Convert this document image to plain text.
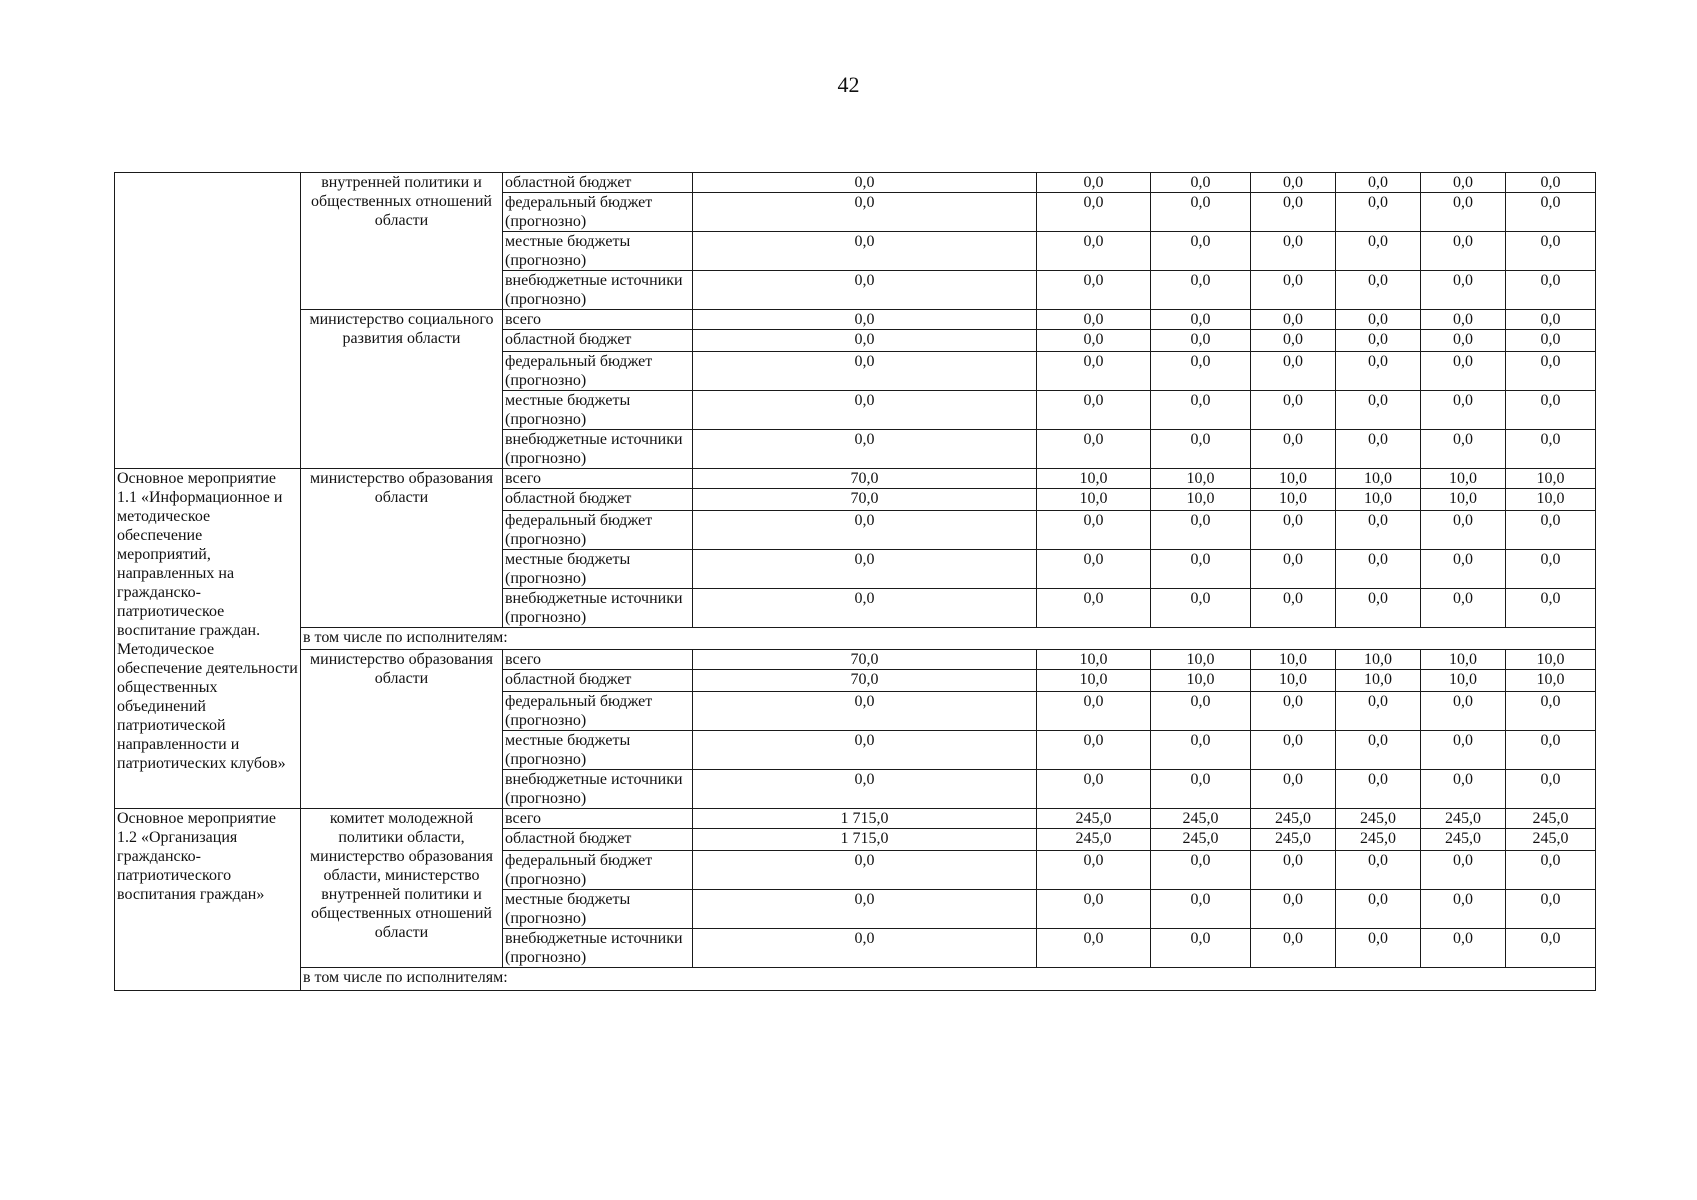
42
	внутренней политики и общественных отношений области	областной бюджет	0,0	0,0	0,0	0,0	0,0	0,0	0,0	
		федеральный бюджет (прогнозно)	0,0	0,0	0,0	0,0	0,0	0,0	0,0	
		местные бюджеты (прогнозно)	0,0	0,0	0,0	0,0	0,0	0,0	0,0	
		внебюджетные источники (прогнозно)	0,0	0,0	0,0	0,0	0,0	0,0	0,0	
	министерство социального развития области	всего	0,0	0,0	0,0	0,0	0,0	0,0	0,0	
		областной бюджет	0,0	0,0	0,0	0,0	0,0	0,0	0,0	
		федеральный бюджет (прогнозно)	0,0	0,0	0,0	0,0	0,0	0,0	0,0	
		местные бюджеты (прогнозно)	0,0	0,0	0,0	0,0	0,0	0,0	0,0	
		внебюджетные источники (прогнозно)	0,0	0,0	0,0	0,0	0,0	0,0	0,0	
Основное мероприятие 1.1 «Информационное и методическое обеспечение мероприятий, направленных на гражданско-патриотическое воспитание граждан. Методическое обеспечение деятельности общественных объединений патриотической направленности и патриотических клубов»	министерство образования области	всего	70,0	10,0	10,0	10,0	10,0	10,0	10,0	
		областной бюджет	70,0	10,0	10,0	10,0	10,0	10,0	10,0	
		федеральный бюджет (прогнозно)	0,0	0,0	0,0	0,0	0,0	0,0	0,0	
		местные бюджеты (прогнозно)	0,0	0,0	0,0	0,0	0,0	0,0	0,0	
		внебюджетные источники (прогнозно)	0,0	0,0	0,0	0,0	0,0	0,0	0,0	
	в том числе по исполнителям:									
	министерство образования области	всего	70,0	10,0	10,0	10,0	10,0	10,0	10,0	
		областной бюджет	70,0	10,0	10,0	10,0	10,0	10,0	10,0	
		федеральный бюджет (прогнозно)	0,0	0,0	0,0	0,0	0,0	0,0	0,0	
		местные бюджеты (прогнозно)	0,0	0,0	0,0	0,0	0,0	0,0	0,0	
		внебюджетные источники (прогнозно)	0,0	0,0	0,0	0,0	0,0	0,0	0,0	
Основное мероприятие 1.2 «Организация гражданско-патриотического воспитания граждан»	комитет молодежной политики области, министерство образования области, министерство внутренней политики и общественных отношений области	всего	1 715,0	245,0	245,0	245,0	245,0	245,0	245,0	
		областной бюджет	1 715,0	245,0	245,0	245,0	245,0	245,0	245,0	
		федеральный бюджет (прогнозно)	0,0	0,0	0,0	0,0	0,0	0,0	0,0	
		местные бюджеты (прогнозно)	0,0	0,0	0,0	0,0	0,0	0,0	0,0	
		внебюджетные источники (прогнозно)	0,0	0,0	0,0	0,0	0,0	0,0	0,0	
	в том числе по исполнителям:									
